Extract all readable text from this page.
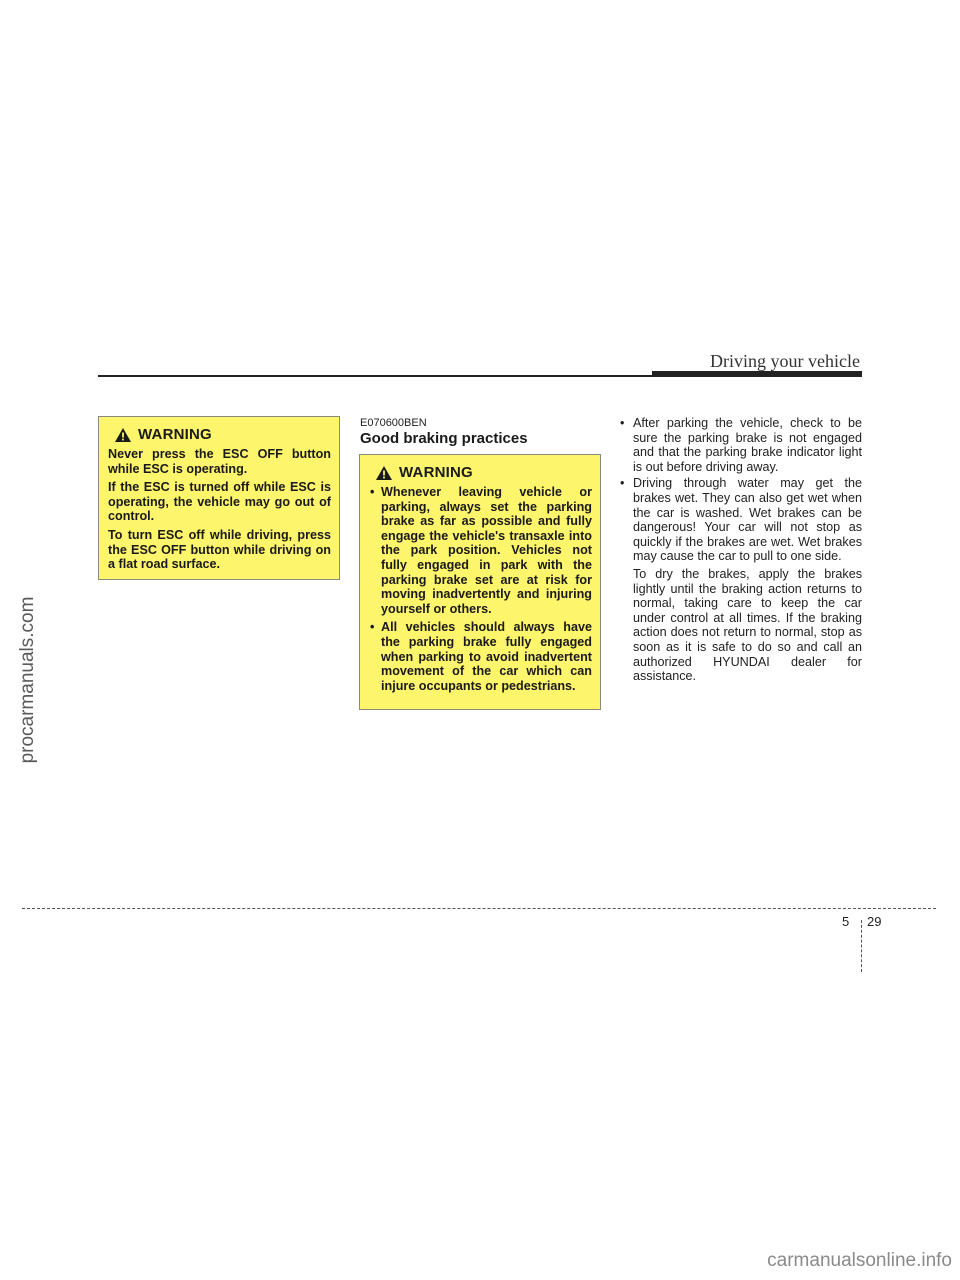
Driving your vehicle
WARNING

Never press the ESC OFF button while ESC is operating.

If the ESC is turned off while ESC is operating, the vehicle may go out of control.

To turn ESC off while driving, press the ESC OFF button while driving on a flat road surface.

E070600BEN
Good braking practices
WARNING
• Whenever leaving vehicle or parking, always set the parking brake as far as possible and fully engage the vehicle's transaxle into the park position. Vehicles not fully engaged in park with the parking brake set are at risk for moving inadvertently and injuring yourself or others.
• All vehicles should always have the parking brake fully engaged when parking to avoid inadvertent movement of the car which can injure occupants or pedestrians.
• After parking the vehicle, check to be sure the parking brake is not engaged and that the parking brake indicator light is out before driving away.
• Driving through water may get the brakes wet. They can also get wet when the car is washed. Wet brakes can be dangerous! Your car will not stop as quickly if the brakes are wet. Wet brakes may cause the car to pull to one side.

To dry the brakes, apply the brakes lightly until the braking action returns to normal, taking care to keep the car under control at all times. If the braking action does not return to normal, stop as soon as it is safe to do so and call an authorized HYUNDAI dealer for assistance.

procarmanuals.com
5 29
carmanualsonline.info
